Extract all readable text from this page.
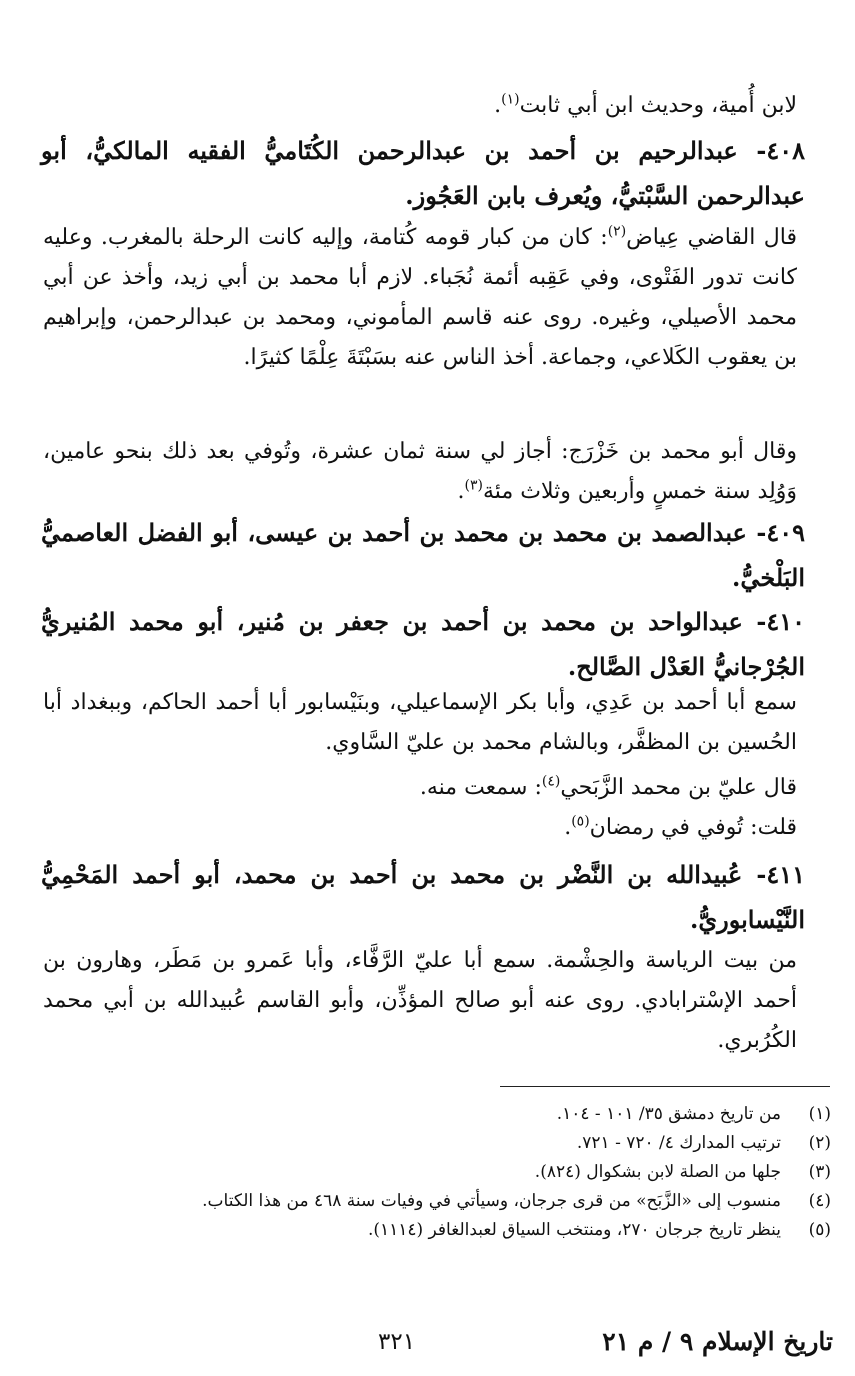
لابن أُمية، وحديث ابن أبي ثابت$^{(١)}$.

٤٠٨- عبدالرحيم بن أحمد بن عبدالرحمن الكُتَاميُّ الفقيه المالكيُّ، أبو عبدالرحمن السَّبْتيُّ، ويُعرف بابن العَجُوز.

قال القاضي عِياض$^{(٢)}$: كان من كبار قومه كُتامة، وإليه كانت الرحلة بالمغرب. وعليه كانت تدور الفَتْوى، وفي عَقِبه أئمة نُجَباء. لازم أبا محمد بن أبي زيد، وأخذ عن أبي محمد الأصيلي، وغيره. روى عنه قاسم المأموني، ومحمد بن عبدالرحمن، وإبراهيم بن يعقوب الكَلاعي، وجماعة. أخذ الناس عنه بسَبْتَةَ عِلْمًا كثيرًا.

وقال أبو محمد بن خَزْرَج: أجاز لي سنة ثمان عشرة، وتُوفي بعد ذلك بنحو عامين، وَوُلِد سنة خمسٍ وأربعين وثلاث مئة$^{(٣)}$.

٤٠٩- عبدالصمد بن محمد بن محمد بن أحمد بن عيسى، أبو الفضل العاصميُّ البَلْخيُّ.
٤١٠- عبدالواحد بن محمد بن أحمد بن جعفر بن مُنير، أبو محمد المُنيريُّ الجُرْجانيُّ العَدْل الصَّالح.

سمع أبا أحمد بن عَدِي، وأبا بكر الإسماعيلي، وبنَيْسابور أبا أحمد الحاكم، وببغداد أبا الحُسين بن المظفَّر، وبالشام محمد بن عليّ السَّاوي.

قال عليّ بن محمد الزَّبَحي$^{(٤)}$: سمعت منه.

قلت: تُوفي في رمضان$^{(٥)}$.

٤١١- عُبيدالله بن النَّضْر بن محمد بن أحمد بن محمد، أبو أحمد المَحْمِيُّ النَّيْسابوريُّ.

من بيت الرياسة والحِشْمة. سمع أبا عليّ الرَّفَّاء، وأبا عَمرو بن مَطَر، وهارون بن أحمد الإسْترابادي. روى عنه أبو صالح المؤذِّن، وأبو القاسم عُبيدالله بن أبي محمد الكُرُبري.

(١)
من تاريخ دمشق ٣٥/ ١٠١ - ١٠٤.
(٢)
ترتيب المدارك ٤/ ٧٢٠ - ٧٢١.
(٣)
جلها من الصلة لابن بشكوال (٨٢٤).
(٤)
منسوب إلى «الزَّبَح» من قرى جرجان، وسيأتي في وفيات سنة ٤٦٨ من هذا الكتاب.
(٥)
ينظر تاريخ جرجان ٢٧٠، ومنتخب السياق لعبدالغافر (١١١٤).
تاريخ الإسلام ٩ / م ٢١
٣٢١
